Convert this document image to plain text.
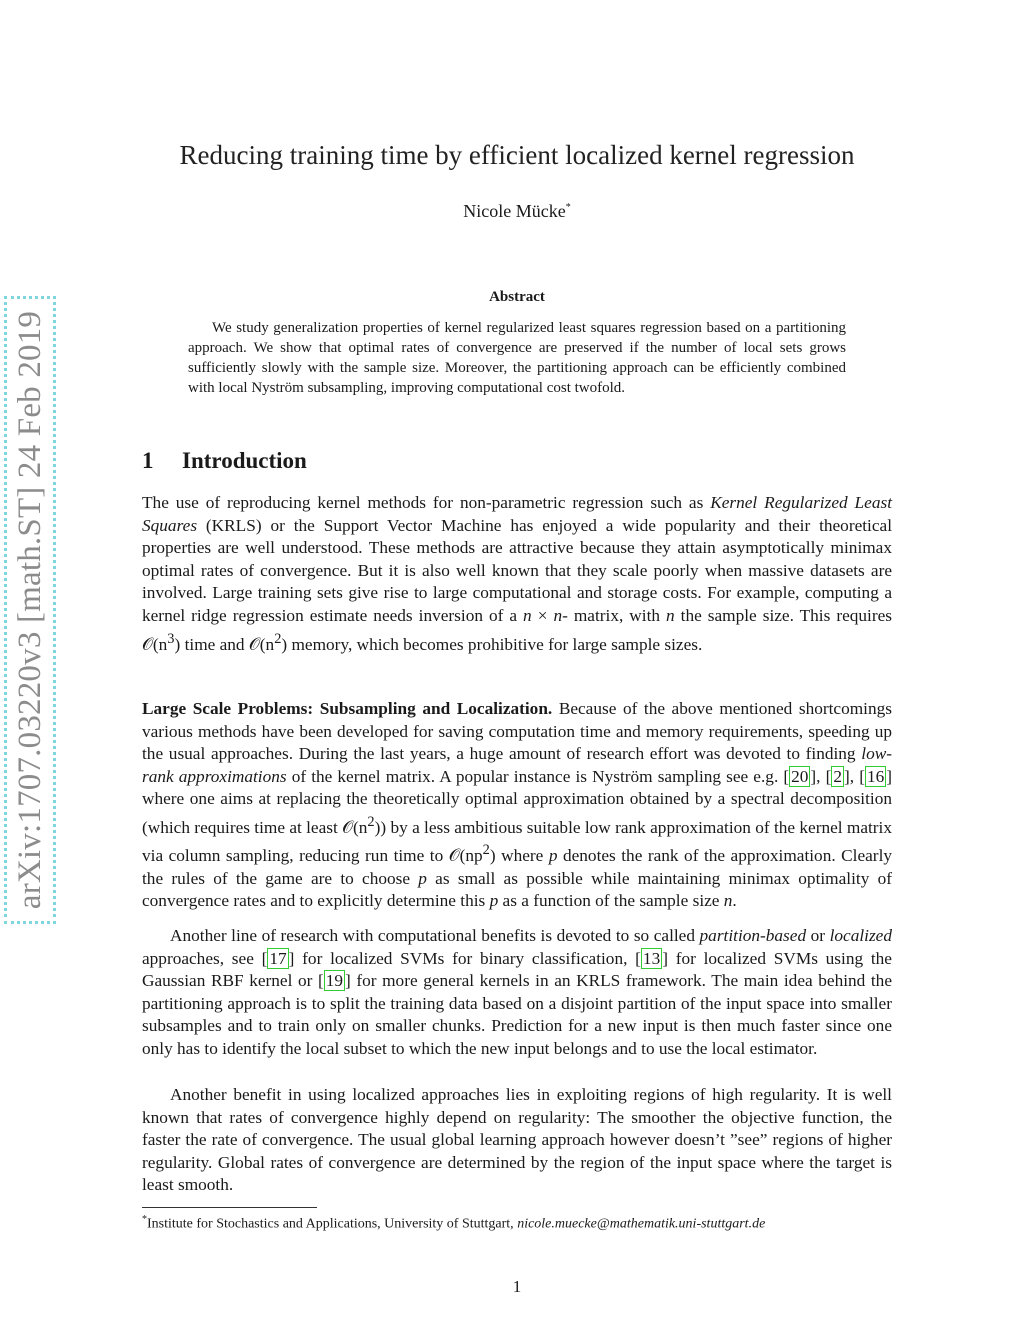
arXiv:1707.03220v3 [math.ST] 24 Feb 2019
Reducing training time by efficient localized kernel regression
Nicole Mücke*
Abstract

We study generalization properties of kernel regularized least squares regression based on a partitioning approach. We show that optimal rates of convergence are preserved if the number of local sets grows sufficiently slowly with the sample size. Moreover, the partitioning approach can be efficiently combined with local Nyström subsampling, improving computational cost twofold.

1 Introduction

The use of reproducing kernel methods for non-parametric regression such as Kernel Regularized Least Squares (KRLS) or the Support Vector Machine has enjoyed a wide popularity and their theoretical properties are well understood. These methods are attractive because they attain asymptotically minimax optimal rates of convergence. But it is also well known that they scale poorly when massive datasets are involved. Large training sets give rise to large computational and storage costs. For example, computing a kernel ridge regression estimate needs inversion of a n × n- matrix, with n the sample size. This requires $𝒪(n^3)$ time and $𝒪(n^2)$ memory, which becomes prohibitive for large sample sizes.

Large Scale Problems: Subsampling and Localization. Because of the above mentioned shortcomings various methods have been developed for saving computation time and memory requirements, speeding up the usual approaches. During the last years, a huge amount of research effort was devoted to finding low-rank approximations of the kernel matrix. A popular instance is Nyström sampling see e.g. [ 20 ], [ 2 ], [ 16 ] where one aims at replacing the theoretically optimal approximation obtained by a spectral decomposition (which requires time at least $𝒪(n^2)$) by a less ambitious suitable low rank approximation of the kernel matrix via column sampling, reducing run time to $𝒪(np^2)$ where p denotes the rank of the approximation. Clearly the rules of the game are to choose p as small as possible while maintaining minimax optimality of convergence rates and to explicitly determine this p as a function of the sample size n.

Another line of research with computational benefits is devoted to so called partition-based or localized approaches, see [ 17 ] for localized SVMs for binary classification, [ 13 ] for localized SVMs using the Gaussian RBF kernel or [ 19 ] for more general kernels in an KRLS framework. The main idea behind the partitioning approach is to split the training data based on a disjoint partition of the input space into smaller subsamples and to train only on smaller chunks. Prediction for a new input is then much faster since one only has to identify the local subset to which the new input belongs and to use the local estimator.

Another benefit in using localized approaches lies in exploiting regions of high regularity. It is well known that rates of convergence highly depend on regularity: The smoother the objective function, the faster the rate of convergence. The usual global learning approach however doesn’t ”see” regions of higher regularity. Global rates of convergence are determined by the region of the input space where the target is least smooth.

*Institute for Stochastics and Applications, University of Stuttgart, nicole.muecke@mathematik.uni-stuttgart.de

1
